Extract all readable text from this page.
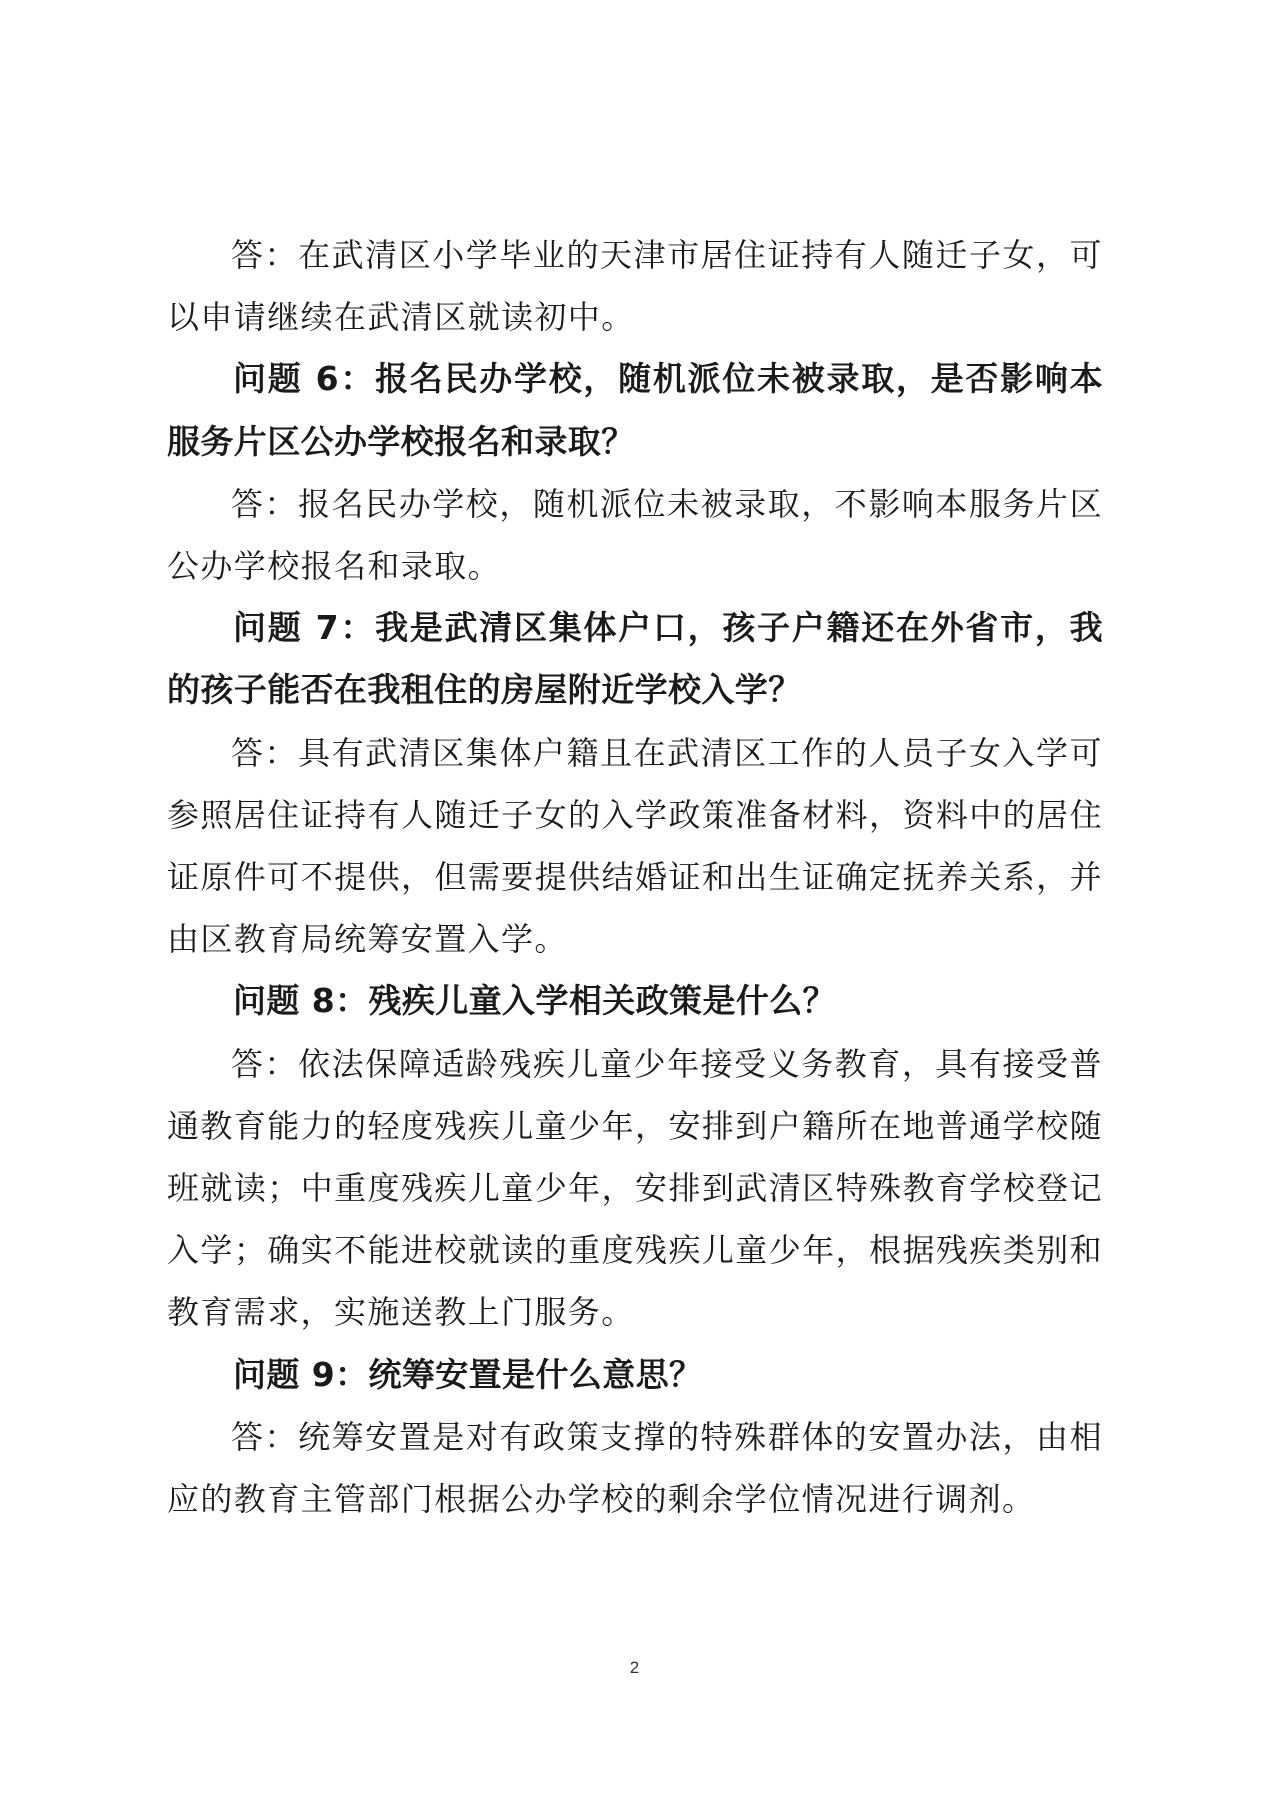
答：在武清区小学毕业的天津市居住证持有人随迁子女，可以申请继续在武清区就读初中。

问题 6：报名民办学校，随机派位未被录取，是否影响本服务片区公办学校报名和录取？

答：报名民办学校，随机派位未被录取，不影响本服务片区公办学校报名和录取。

问题 7：我是武清区集体户口，孩子户籍还在外省市，我的孩子能否在我租住的房屋附近学校入学？

答：具有武清区集体户籍且在武清区工作的人员子女入学可参照居住证持有人随迁子女的入学政策准备材料，资料中的居住证原件可不提供，但需要提供结婚证和出生证确定抚养关系，并由区教育局统筹安置入学。

问题 8：残疾儿童入学相关政策是什么？

答：依法保障适龄残疾儿童少年接受义务教育，具有接受普通教育能力的轻度残疾儿童少年，安排到户籍所在地普通学校随班就读；中重度残疾儿童少年，安排到武清区特殊教育学校登记入学；确实不能进校就读的重度残疾儿童少年，根据残疾类别和教育需求，实施送教上门服务。

问题 9：统筹安置是什么意思？

答：统筹安置是对有政策支撑的特殊群体的安置办法，由相应的教育主管部门根据公办学校的剩余学位情况进行调剂。

2
